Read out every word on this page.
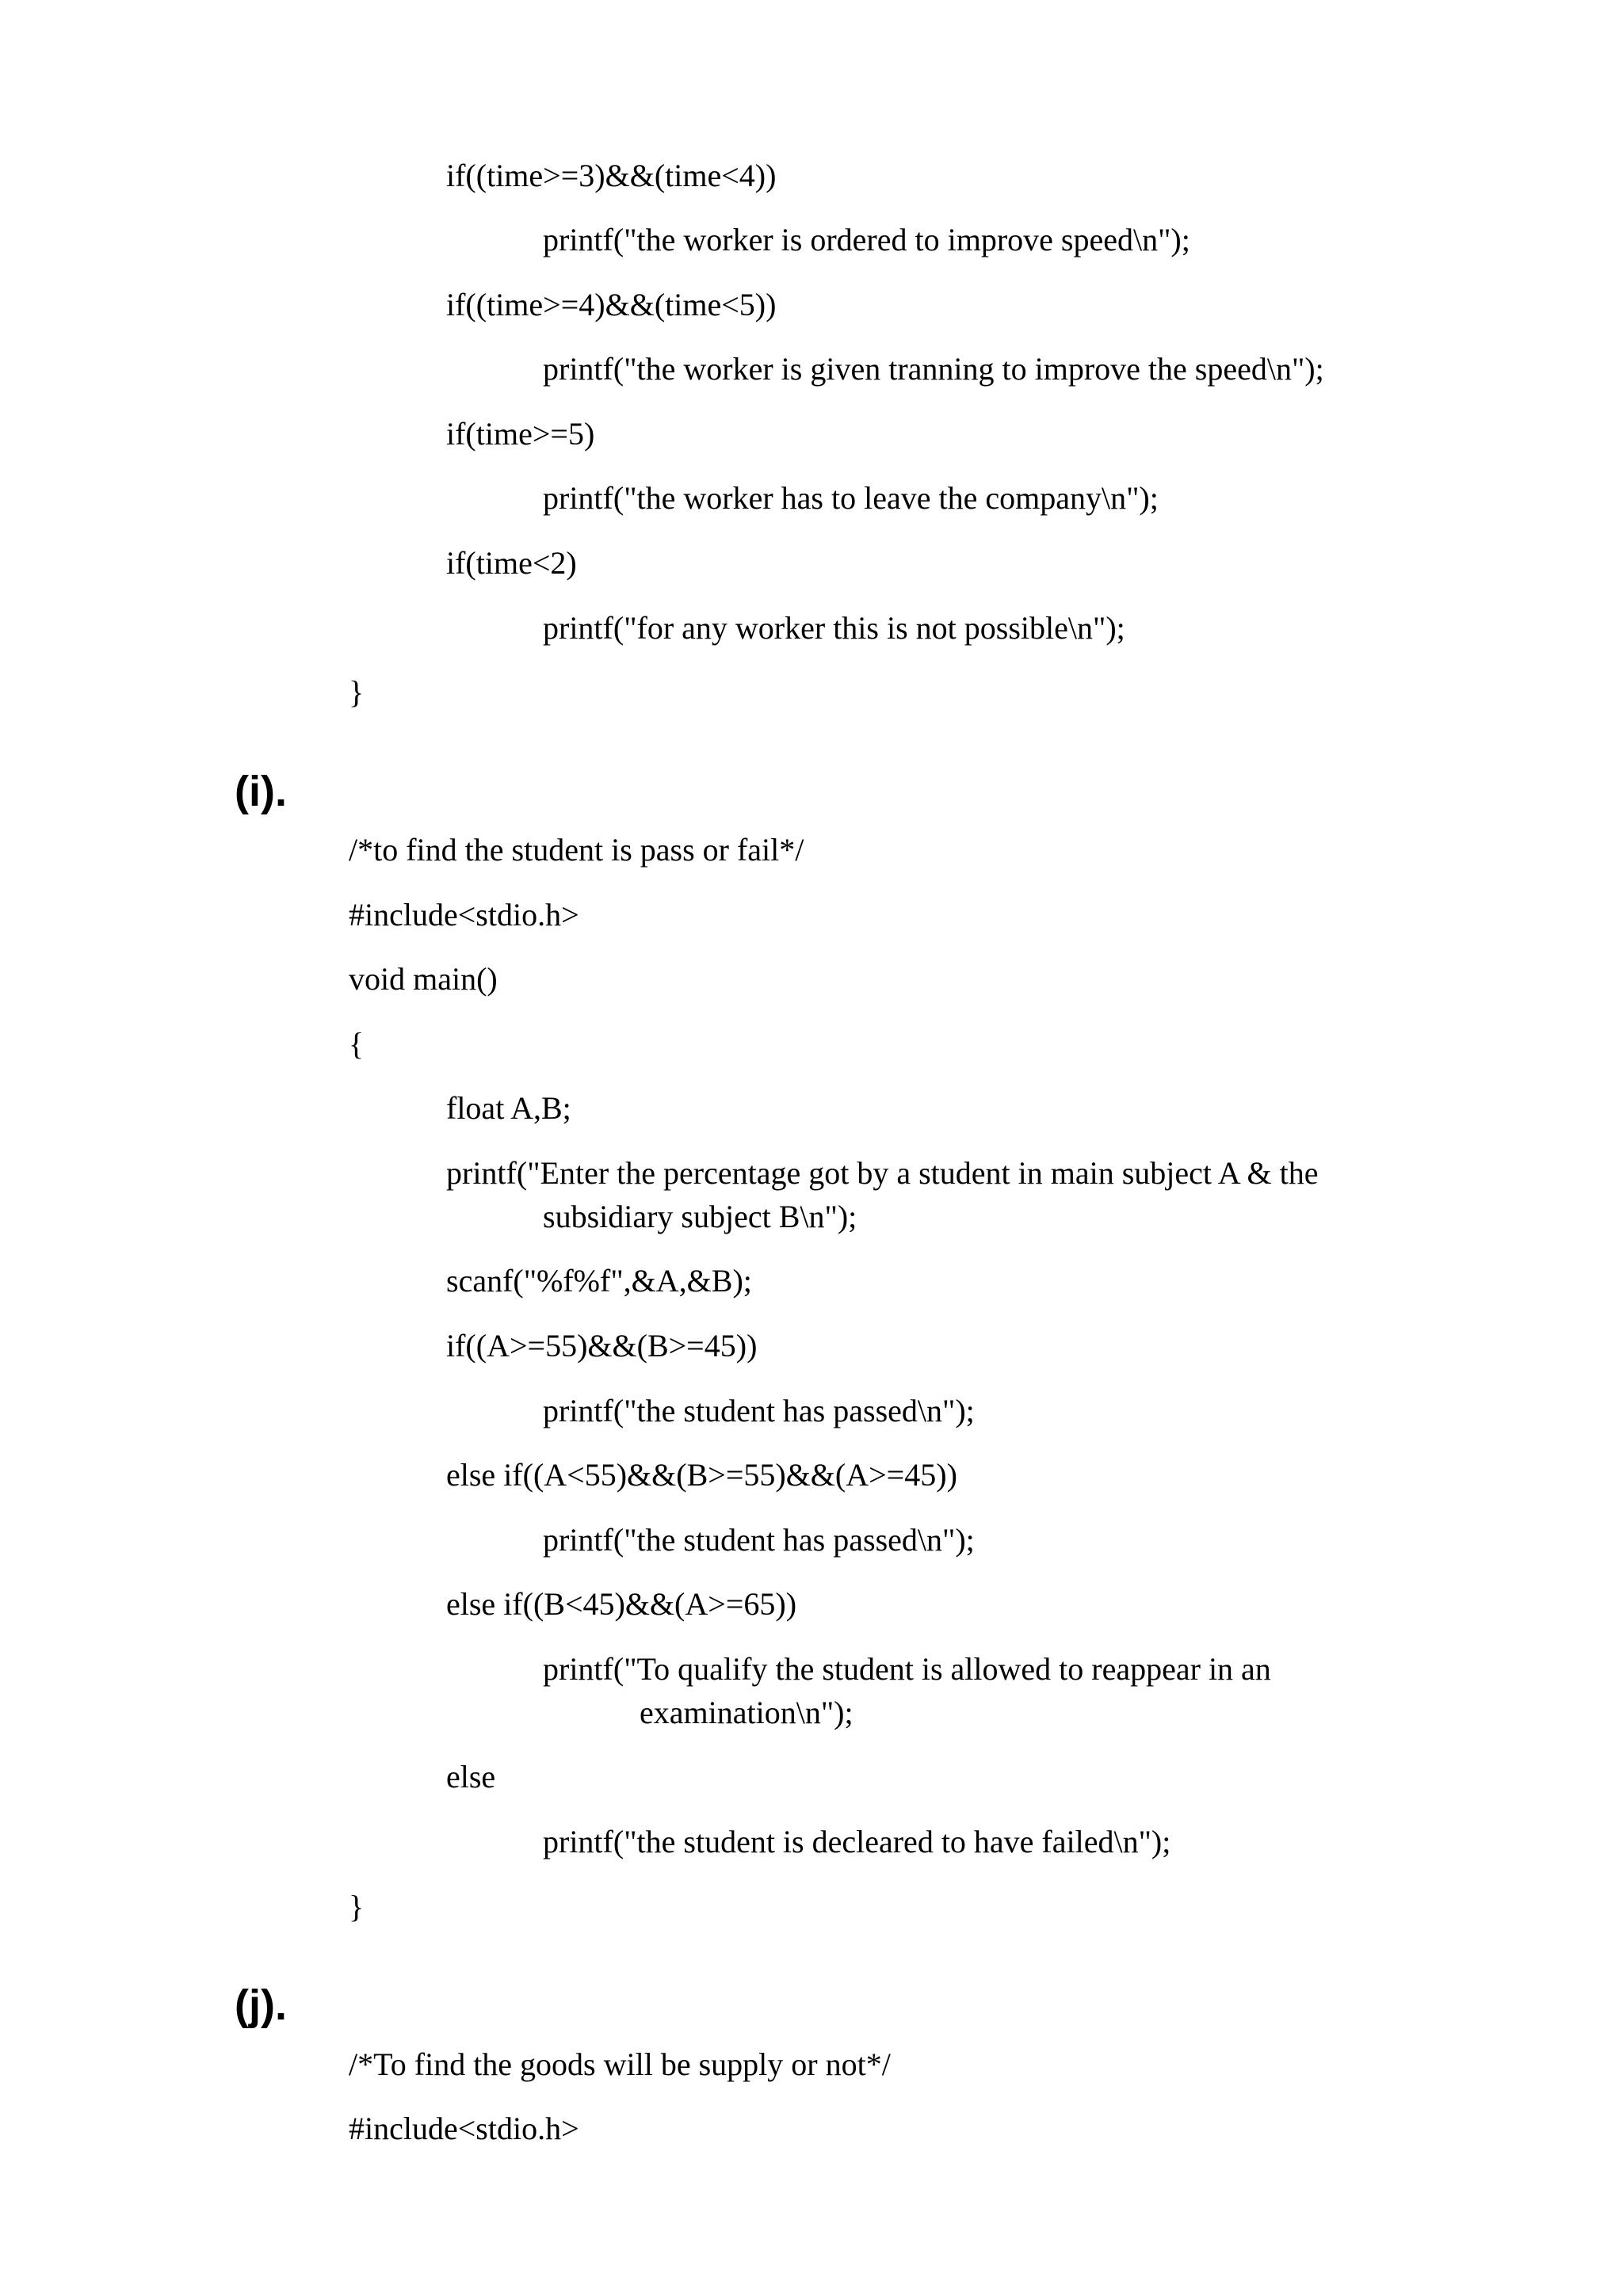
if((time>=3)&&(time<4))
printf("the worker is ordered to improve speed\n");
if((time>=4)&&(time<5))
printf("the worker is given tranning to improve the speed\n");
if(time>=5)
printf("the worker has to leave the company\n");
if(time<2)
printf("for any worker this is not possible\n");
}
(i).
/*to find the student is pass or fail*/
#include<stdio.h>
void main()
{
float A,B;
printf("Enter the percentage got by a student in main subject A & the
subsidiary subject B\n");
scanf("%f%f",&A,&B);
if((A>=55)&&(B>=45))
printf("the student has passed\n");
else if((A<55)&&(B>=55)&&(A>=45))
printf("the student has passed\n");
else if((B<45)&&(A>=65))
printf("To qualify the student is allowed to reappear in an
examination\n");
else
printf("the student is decleared to have failed\n");
}
(j).
/*To find the goods will be supply or not*/
#include<stdio.h>
